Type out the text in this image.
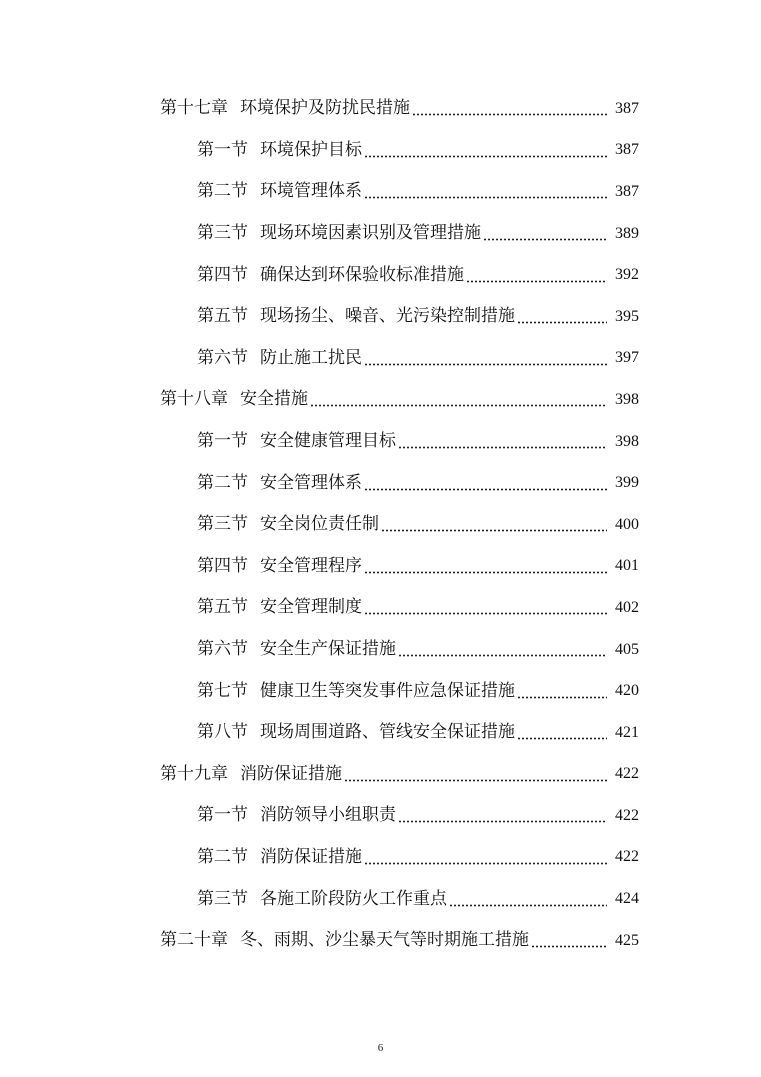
第十七章 环境保护及防扰民措施	387
第一节 环境保护目标	387
第二节 环境管理体系	387
第三节 现场环境因素识别及管理措施	389
第四节 确保达到环保验收标准措施	392
第五节 现场扬尘、噪音、光污染控制措施	395
第六节 防止施工扰民	397
第十八章 安全措施	398
第一节 安全健康管理目标	398
第二节 安全管理体系	399
第三节 安全岗位责任制	400
第四节 安全管理程序	401
第五节 安全管理制度	402
第六节 安全生产保证措施	405
第七节 健康卫生等突发事件应急保证措施	420
第八节 现场周围道路、管线安全保证措施	421
第十九章 消防保证措施	422
第一节 消防领导小组职责	422
第二节 消防保证措施	422
第三节 各施工阶段防火工作重点	424
第二十章 冬、雨期、沙尘暴天气等时期施工措施	425
6
